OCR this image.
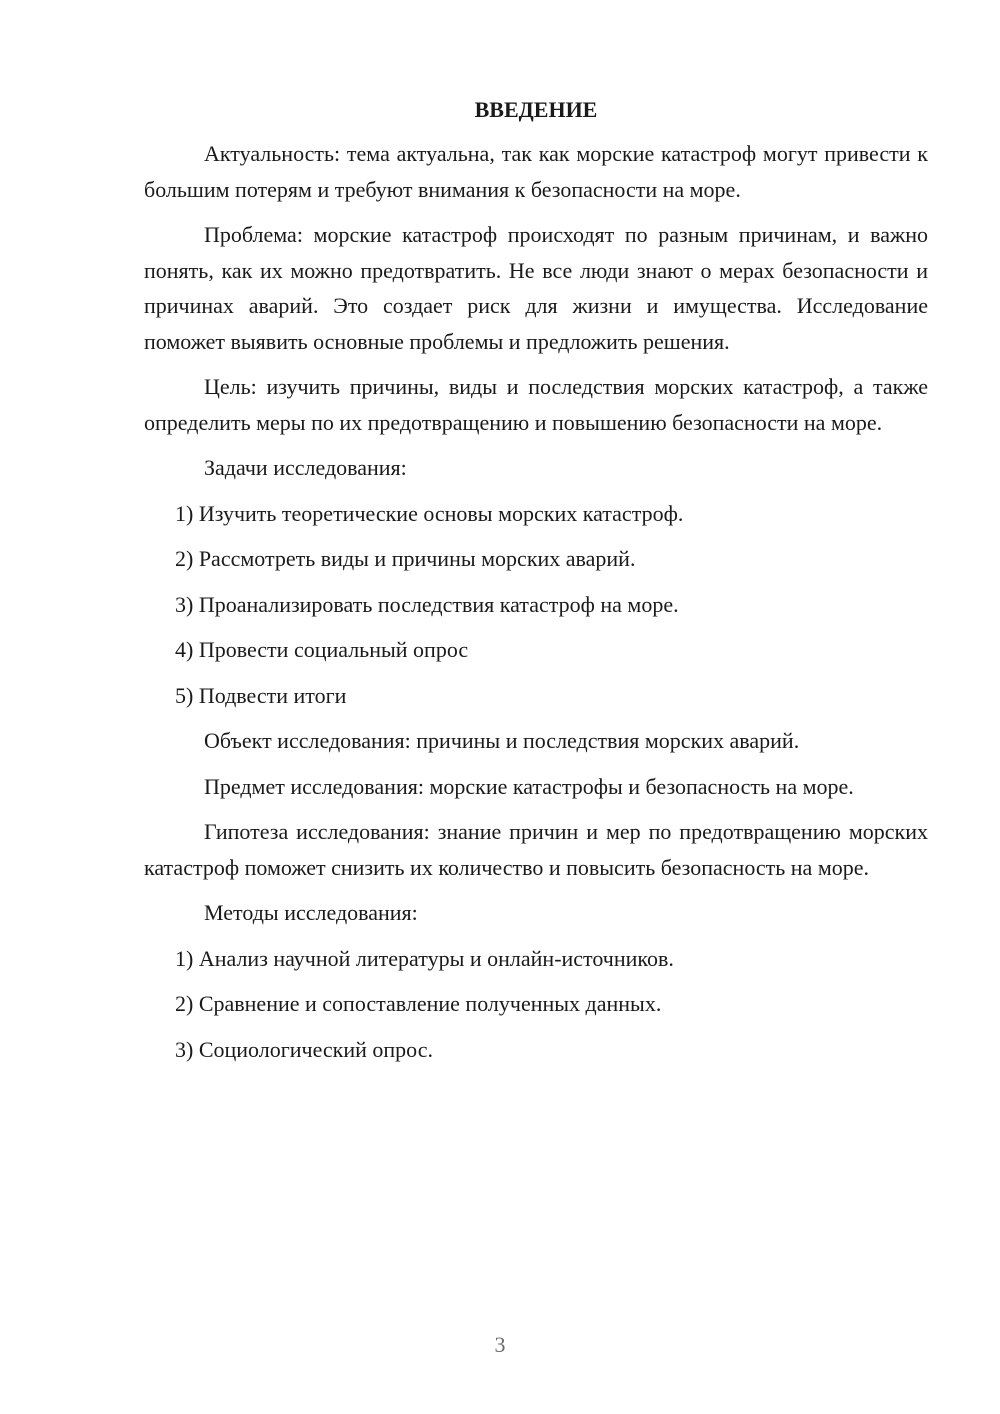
ВВЕДЕНИЕ

Актуальность: тема актуальна, так как морские катастроф могут привести к большим потерям и требуют внимания к безопасности на море.

Проблема: морские катастроф происходят по разным причинам, и важно понять, как их можно предотвратить. Не все люди знают о мерах безопасности и причинах аварий. Это создает риск для жизни и имущества. Исследование поможет выявить основные проблемы и предложить решения.

Цель: изучить причины, виды и последствия морских катастроф, а также определить меры по их предотвращению и повышению безопасности на море.

Задачи исследования:
1) Изучить теоретические основы морских катастроф.
2) Рассмотреть виды и причины морских аварий.
3) Проанализировать последствия катастроф на море.
4) Провести социальный опрос
5) Подвести итоги

Объект исследования: причины и последствия морских аварий.

Предмет исследования: морские катастрофы и безопасность на море.

Гипотеза исследования: знание причин и мер по предотвращению морских катастроф поможет снизить их количество и повысить безопасность на море.

Методы исследования:
1) Анализ научной литературы и онлайн-источников.
2) Сравнение и сопоставление полученных данных.
3) Социологический опрос.
3
